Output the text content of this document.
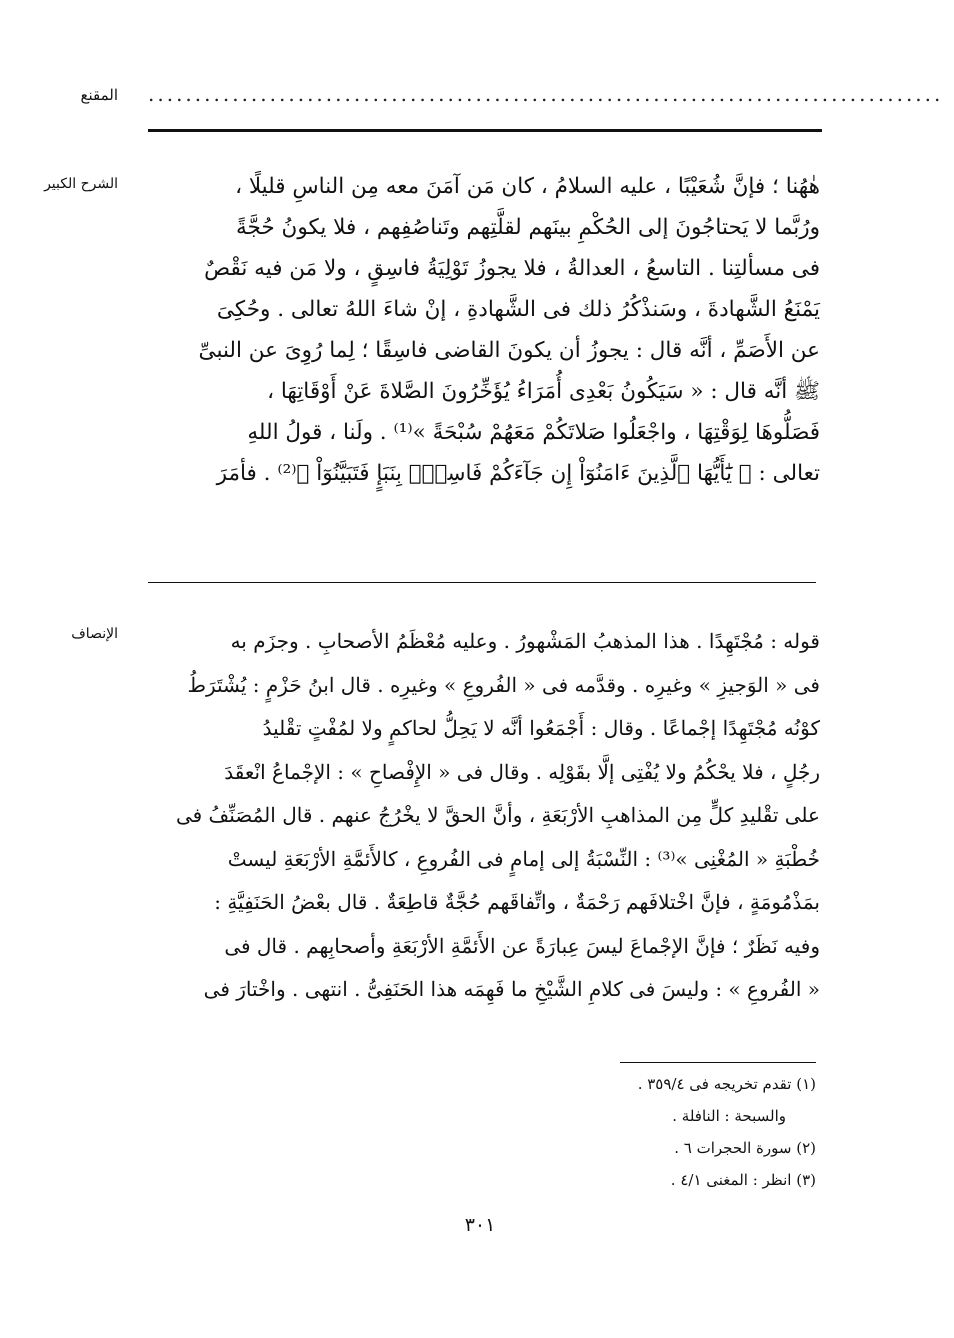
المقنع .....................................................................................
الشرح الكبير	هٰهُنا ؛ فإنَّ شُعَيْبًا ، عليه السلامُ ، كان مَن آمَنَ معه مِن الناسِ قليلًا ،

ورُبَّما لا يَحتاجُونَ إلى الحُكْمِ بينَهم لقلَّتِهم وتَناصُفِهم ، فلا يكونُ حُجَّةً

فى مسألتِنا . التاسعُ ، العدالةُ ، فلا يجوزُ تَوْلِيَةُ فاسِقٍ ، ولا مَن فيه نَقْصٌ

يَمْنَعُ الشَّهادةَ ، وسَنذْكُرُ ذلك فى الشَّهادةِ ، إنْ شاءَ اللهُ تعالى . وحُكِىَ

عن الأَصَمِّ ، أنَّه قال : يجوزُ أن يكونَ القاضى فاسِقًا ؛ لِما رُوِىَ عن النبىِّ

ﷺ أنَّه قال : « سَيَكُونُ بَعْدِى أُمَرَاءُ يُؤَخِّرُونَ الصَّلاةَ عَنْ أَوْقَاتِهَا ،

فَصَلُّوهَا لِوَقْتِهَا ، واجْعَلُوا صَلاتَكُمْ مَعَهُمْ سُبْحَةً »⁽¹⁾ . ولَنا ، قولُ اللهِ

تعالى : ﴿ يَٰٓأَيُّهَا ٱلَّذِينَ ءَامَنُوٓاْ إِن جَآءَكُمْ فَاسِقُۢ بِنَبَإٍ فَتَبَيَّنُوٓاْ ﴾⁽²⁾ . فأمَرَ

الإنصاف	قوله : مُجْتَهِدًا . هذا المذهبُ المَشْهورُ . وعليه مُعْظَمُ الأصحابِ . وجزَم به

فى « الوَجيزِ » وغيرِه . وقدَّمه فى « الفُروعِ » وغيرِه . قال ابنُ حَزْمٍ : يُشْتَرَطُ

كوْنُه مُجْتَهِدًا إجْماعًا . وقال : أَجْمَعُوا أنَّه لا يَحِلُّ لحاكمٍ ولا لمُفْتٍ تقْليدُ

رجُلٍ ، فلا يحْكُمُ ولا يُفْتِى إلَّا بقَوْلِه . وقال فى « الإِفْصاحِ » : الإجْماعُ انْعقَدَ

على تقْليدِ كلٍّ مِن المذاهبِ الأرْبَعَةِ ، وأنَّ الحقَّ لا يخْرُجُ عنهم . قال المُصَنِّفُ فى

خُطْبَةِ « المُغْنِى »⁽³⁾ : النِّسْبَةُ إلى إمامٍ فى الفُروعِ ، كالأَئمَّةِ الأرْبَعَةِ ليستْ

بمَذْمُومَةٍ ، فإنَّ اخْتلافَهم رَحْمَةٌ ، واتِّفاقَهم حُجَّةٌ قاطِعَةٌ . قال بعْضُ الحَنَفِيَّةِ :

وفيه نَظَرٌ ؛ فإنَّ الإجْماعَ ليسَ عِبارَةً عن الأَئمَّةِ الأرْبَعَةِ وأصحابِهم . قال فى

« الفُروعِ » : وليسَ فى كلامِ الشَّيْخِ ما فَهِمَه هذا الحَنَفِىُّ . انتهى . واخْتارَ فى

(١) تقدم تخريجه فى ٣٥٩/٤ .
والسبحة : النافلة .
(٢) سورة الحجرات ٦ .
(٣) انظر : المغنى ٤/١ .
٣٠١
